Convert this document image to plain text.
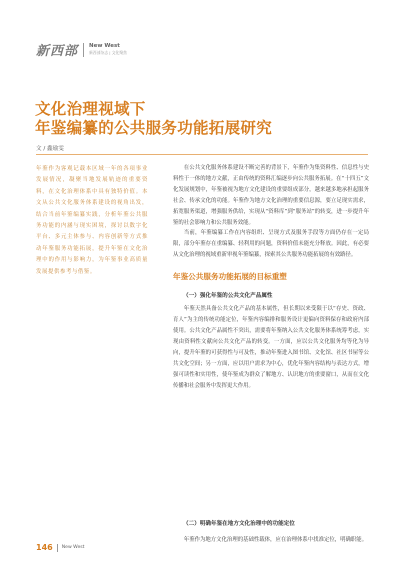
新西部 New West
新西部杂志 | 文化聚焦
文化治理视域下
年鉴编纂的公共服务功能拓展研究
文 / 鑫瑜雯

年鉴作为客观记载本区域一年的各项事业发展情况，凝聚当地发展轨迹的重要资料，在文化治理体系中具有独特价值。本文从公共文化服务体系建设的视角出发，结合当前年鉴编纂实践，分析年鉴公共服务功能的内涵与现实困境，探讨以数字化平台、多元主体参与、内容创新等方式推动年鉴服务功能拓展，提升年鉴在文化治理中的作用与影响力，为年鉴事业高质量发展提供参考与借鉴。

在公共文化服务体系建设不断完善的背景下，年鉴作为集资料性、信息性与史料性于一体的地方文献，正由传统的资料汇编逐步向公共服务拓展。在“十四五”文化发展规划中，年鉴被视为地方文化建设的重要组成部分，越来越多地承担起服务社会、传承文化的功能。年鉴作为地方文化治理的重要信息源，要立足现实需求，拓宽服务渠道，增强服务供给，实现从“资料库”到“服务站”的转变，进一步提升年鉴的社会影响力和公共服务效能。

当前，年鉴编纂工作在内容组织、呈现方式及服务手段等方面仍存在一定局限，部分年鉴存在重编纂、轻利用的问题，资料价值未能充分释放。因此，有必要从文化治理的视域重新审视年鉴编纂，探索其公共服务功能拓展的有效路径。

年鉴公共服务功能拓展的目标重塑
（一）强化年鉴的公共文化产品属性

年鉴天然具备公共文化产品的基本属性，但长期以来受限于以“存史、资政、育人”为主的传统功能定位，年鉴内容编排和服务设计更偏向资料保存和政府内部使用。公共文化产品属性不突出，需要将年鉴纳入公共文化服务体系统筹考虑，实现由资料性文献向公共文化产品的转变。一方面，应以公共文化服务均等化为导向，提升年鉴的可获得性与可及性，推动年鉴进入图书馆、文化馆、社区书屋等公共文化空间；另一方面，应以用户需求为中心，优化年鉴内容结构与表达方式，增强可读性和实用性，使年鉴成为群众了解地方、认识地方的重要窗口，从而在文化传播和社会服务中发挥更大作用。

（二）明确年鉴在地方文化治理中的功能定位

年鉴作为地方文化治理的基础性载体，应在治理体系中找准定位，明确职能。

146 New West
